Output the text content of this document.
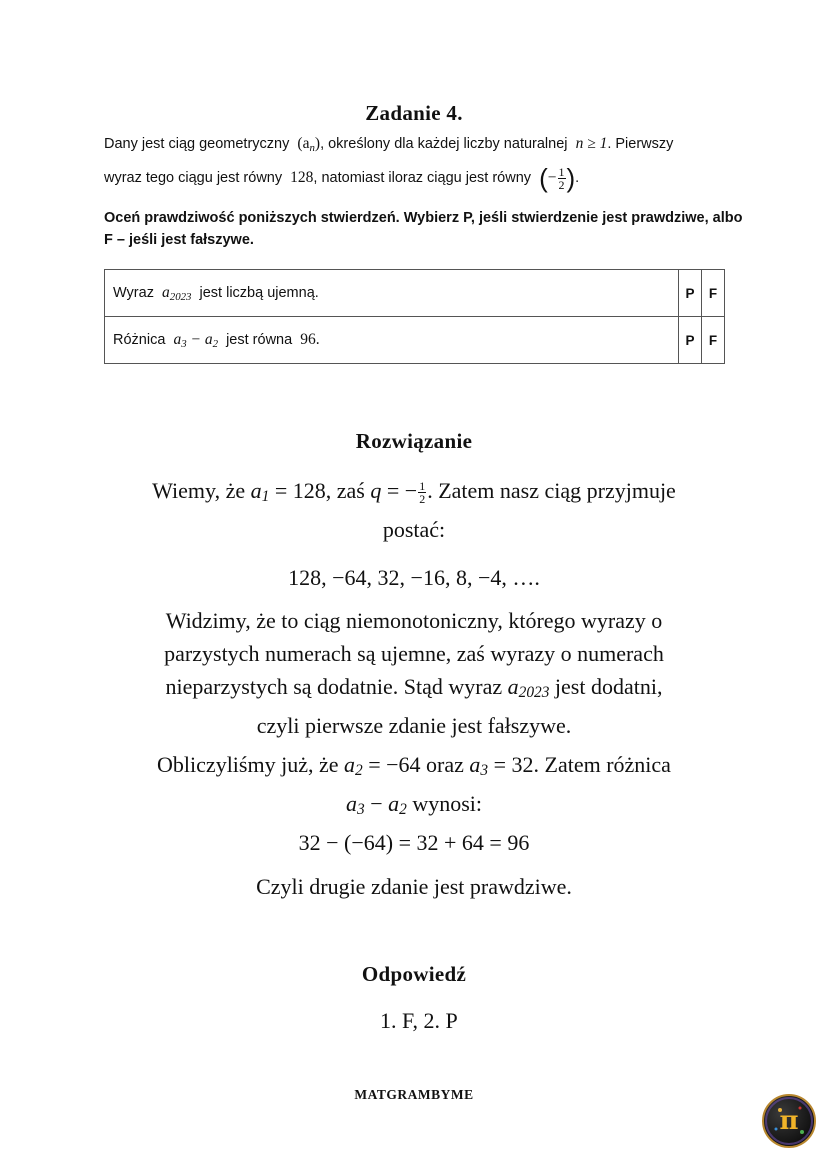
Zadanie 4.
Dany jest ciąg geometryczny $(a_n)$, określony dla każdej liczby naturalnej n ≥ 1. Pierwszy
wyraz tego ciągu jest równy 128, natomiast iloraz ciągu jest równy (− $\frac{1}{2}$ ).
Oceń prawdziwość poniższych stwierdzeń. Wybierz P, jeśli stwierdzenie jest prawdziwe, albo F – jeśli jest fałszywe.
Wyraz $a_{2023}$ jest liczbą ujemną.	P	F
Różnica $a_3 - a_2$ jest równa 96.	P	F
Rozwiązanie
Wiemy, że $a_1 = 128$, zaś q = − $\frac{1}{2}$ . Zatem nasz ciąg przyjmuje
postać:
128, −64, 32, −16, 8, −4, ….
Widzimy, że to ciąg niemonotoniczny, którego wyrazy o
parzystych numerach są ujemne, zaś wyrazy o numerach
nieparzystych są dodatnie. Stąd wyraz $a_{2023}$ jest dodatni,
czyli pierwsze zdanie jest fałszywe.
Obliczyliśmy już, że $a_2 = -64$ oraz $a_3 = 32$. Zatem różnica
$a_3 - a_2$ wynosi:
32 − (−64) = 32 + 64 = 96
Czyli drugie zdanie jest prawdziwe.
Odpowiedź
1. F, 2. P
MATGRAMBYME
π
